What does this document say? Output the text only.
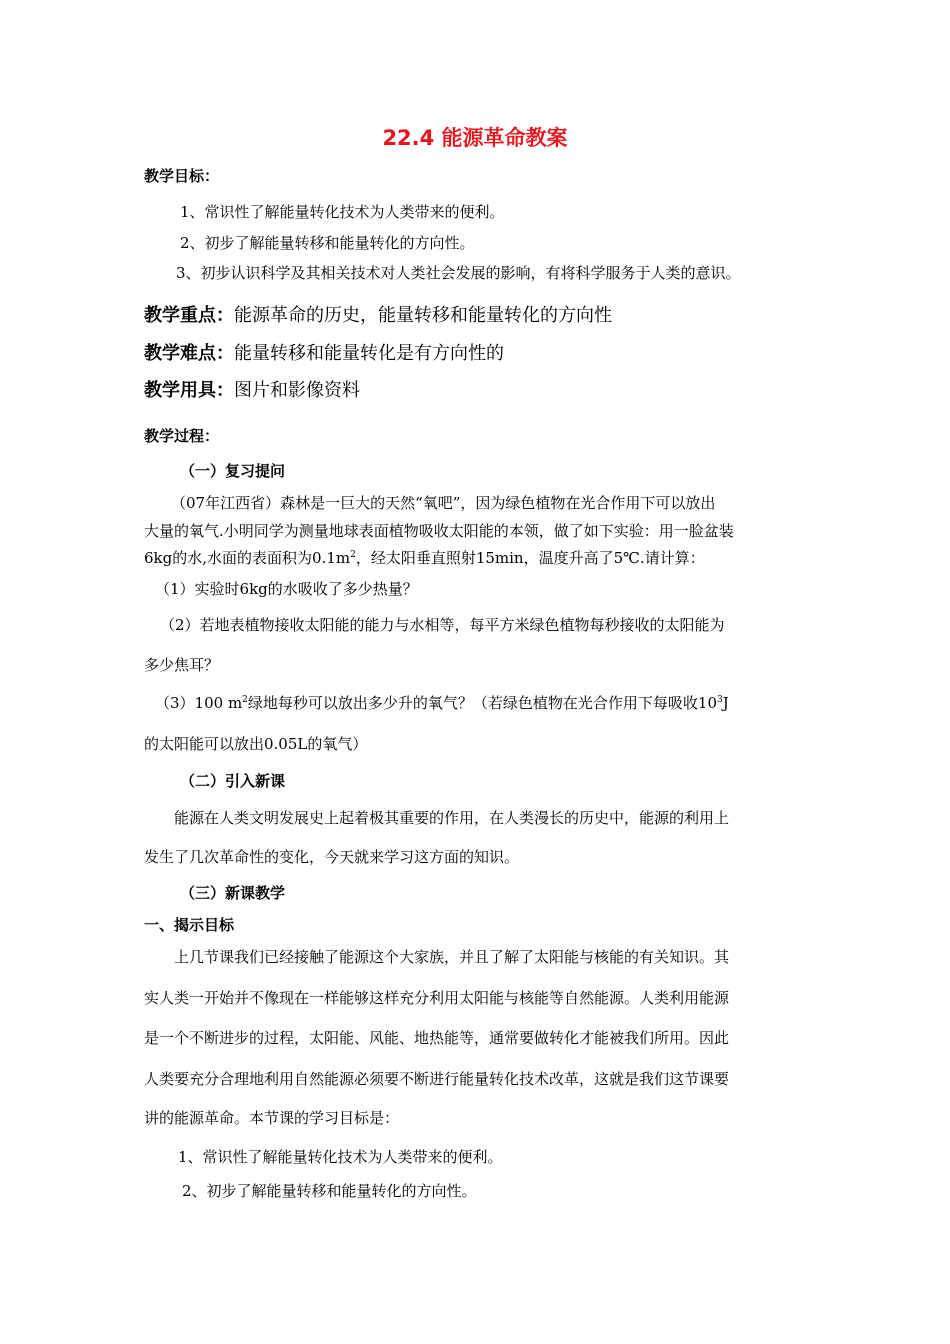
22.4 能源革命教案
教学目标：
1、常识性了解能量转化技术为人类带来的便利。
2、初步了解能量转移和能量转化的方向性。
3、初步认识科学及其相关技术对人类社会发展的影响，有将科学服务于人类的意识。
教学重点：能源革命的历史，能量转移和能量转化的方向性
教学难点：能量转移和能量转化是有方向性的
教学用具：图片和影像资料
教学过程：
（一）复习提问
（07年江西省）森林是一巨大的天然“氧吧”，因为绿色植物在光合作用下可以放出
大量的氧气.小明同学为测量地球表面植物吸收太阳能的本领，做了如下实验：用一脸盆装
6kg的水,水面的表面积为$0.1m^2$，经太阳垂直照射15min，温度升高了5℃.请计算：
（1）实验时6kg的水吸收了多少热量？
（2）若地表植物接收太阳能的能力与水相等，每平方米绿色植物每秒接收的太阳能为
多少焦耳？
（3）100 $m^2$绿地每秒可以放出多少升的氧气？（若绿色植物在光合作用下每吸收$10^3J$
的太阳能可以放出0.05L的氧气）
（二）引入新课
能源在人类文明发展史上起着极其重要的作用，在人类漫长的历史中，能源的利用上
发生了几次革命性的变化，今天就来学习这方面的知识。
（三）新课教学
一、揭示目标
上几节课我们已经接触了能源这个大家族，并且了解了太阳能与核能的有关知识。其
实人类一开始并不像现在一样能够这样充分利用太阳能与核能等自然能源。人类利用能源
是一个不断进步的过程，太阳能、风能、地热能等，通常要做转化才能被我们所用。因此
人类要充分合理地利用自然能源必须要不断进行能量转化技术改革，这就是我们这节课要
讲的能源革命。本节课的学习目标是：
1、常识性了解能量转化技术为人类带来的便利。
2、初步了解能量转移和能量转化的方向性。
